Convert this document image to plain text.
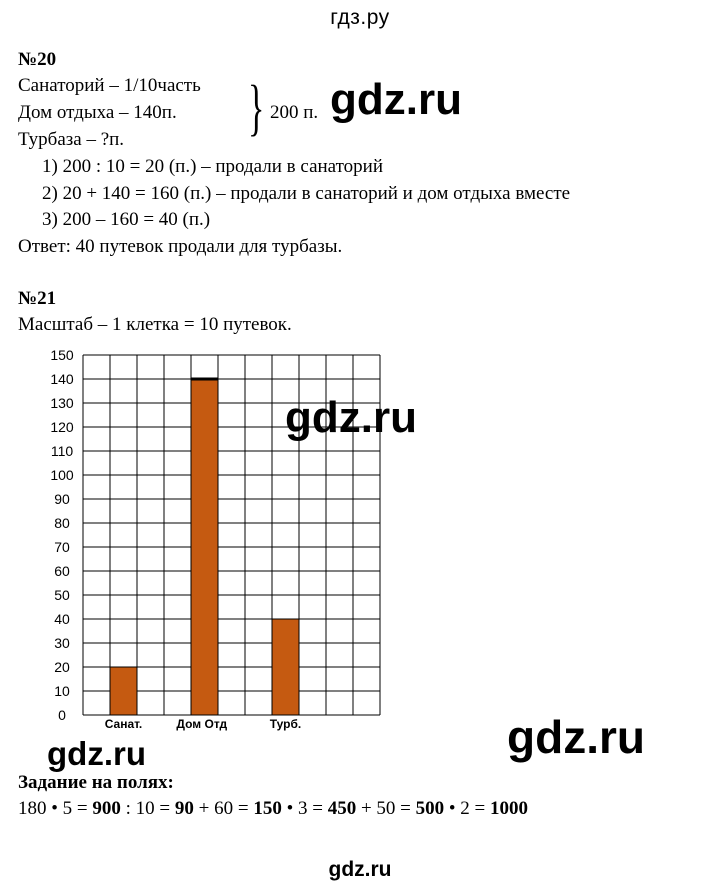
гдз.ру
gdz.ru
gdz.ru
gdz.ru	gdz.ru
№20
Санаторий – 1/10часть
Дом отдыха – 140п.
Турбаза – ?п. } 200 п.
1) 200 : 10 = 20 (п.) – продали в санаторий
2) 20 + 140 = 160 (п.) – продали в санаторий и дом отдыха вместе
3) 200 – 160 = 40 (п.)
Ответ: 40 путевок продали для турбазы.
№21
Масштаб – 1 клетка = 10 путевок.
0
10
20
30
40
50
60
70
80
90
100
110
120
130
140
150
Санат.	Дом Отд	Турб.
Задание на полях:
180 • 5 = 900 : 10 = 90 + 60 = 150 • 3 = 450 + 50 = 500 • 2 = 1000
gdz.ru
